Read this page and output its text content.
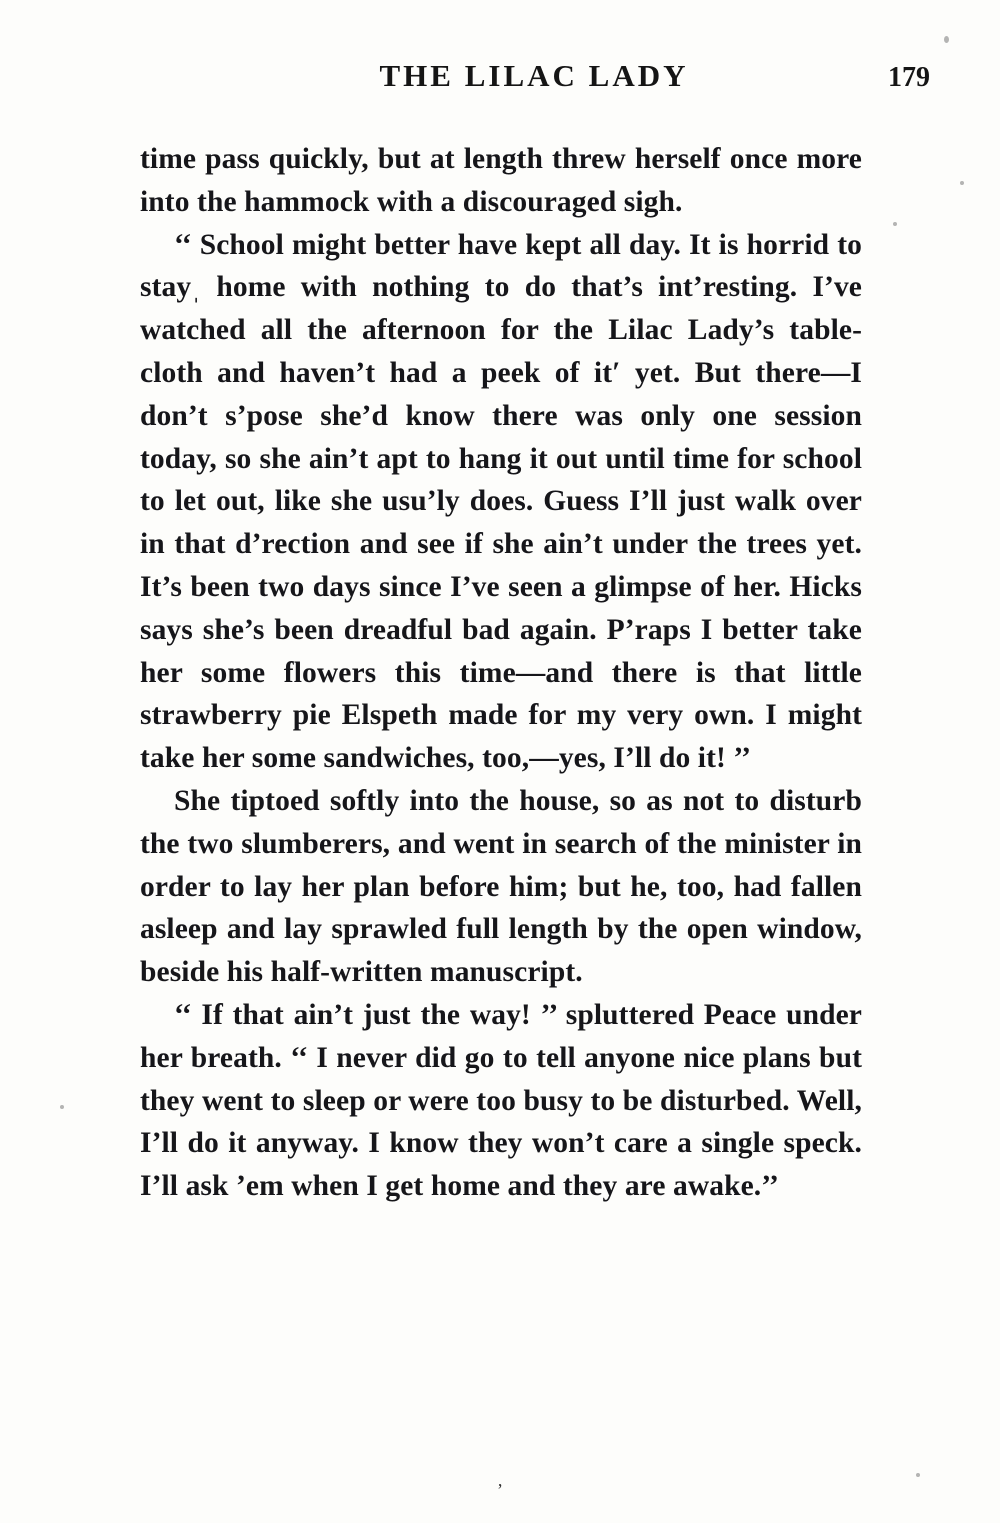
THE LILAC LADY	179

time pass quickly, but at length threw herself once more into the hammock with a discouraged sigh.

‘‘ School might better have kept all day. It is horrid to stayˌ home with nothing to do that’s int’resting. I’ve watched all the afternoon for the Lilac Lady’s table-cloth and haven’t had a peek of itʹ yet. But there—I don’t s’pose she’d know there was only one session today, so she ain’t apt to hang it out until time for school to let out, like she usu’ly does. Guess I’ll just walk over in that d’rection and see if she ain’t under the trees yet. It’s been two days since I’ve seen a glimpse of her. Hicks says she’s been dreadful bad again. P’raps I better take her some flowers this time—and there is that little strawberry pie Elspeth made for my very own. I might take her some sandwiches, too,—yes, I’ll do it! ’’

She tiptoed softly into the house, so as not to disturb the two slumberers, and went in search of the minister in order to lay her plan before him; but he, too, had fallen asleep and lay sprawled full length by the open window, beside his half-written manuscript.

‘‘ If that ain’t just the way! ’’ spluttered Peace under her breath. ‘‘ I never did go to tell anyone nice plans but they went to sleep or were too busy to be disturbed. Well, I’ll do it anyway. I know they won’t care a single speck. I’ll ask ’em when I get home and they are awake.’’

’
